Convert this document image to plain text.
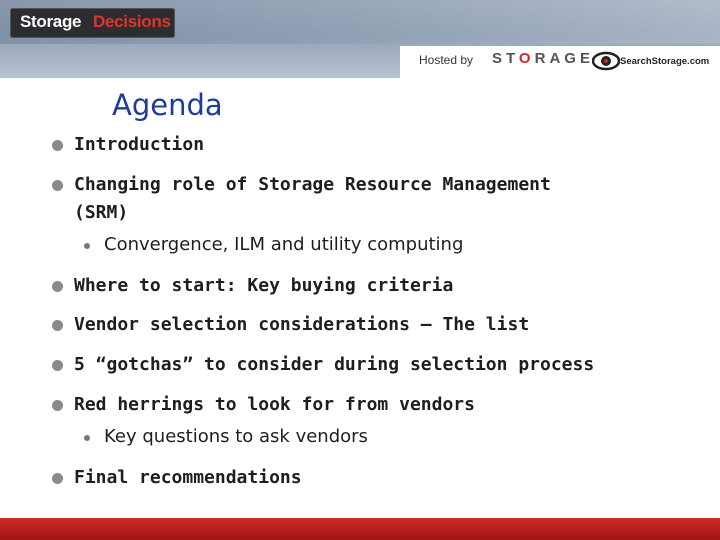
Storage Decisions
Hosted by STORAGE	SearchStorage.com
Agenda
Introduction
Changing role of Storage Resource Management
(SRM)
Convergence, ILM and utility computing
Where to start: Key buying criteria
Vendor selection considerations – The list
5 “gotchas” to consider during selection process
Red herrings to look for from vendors
Key questions to ask vendors
Final recommendations
